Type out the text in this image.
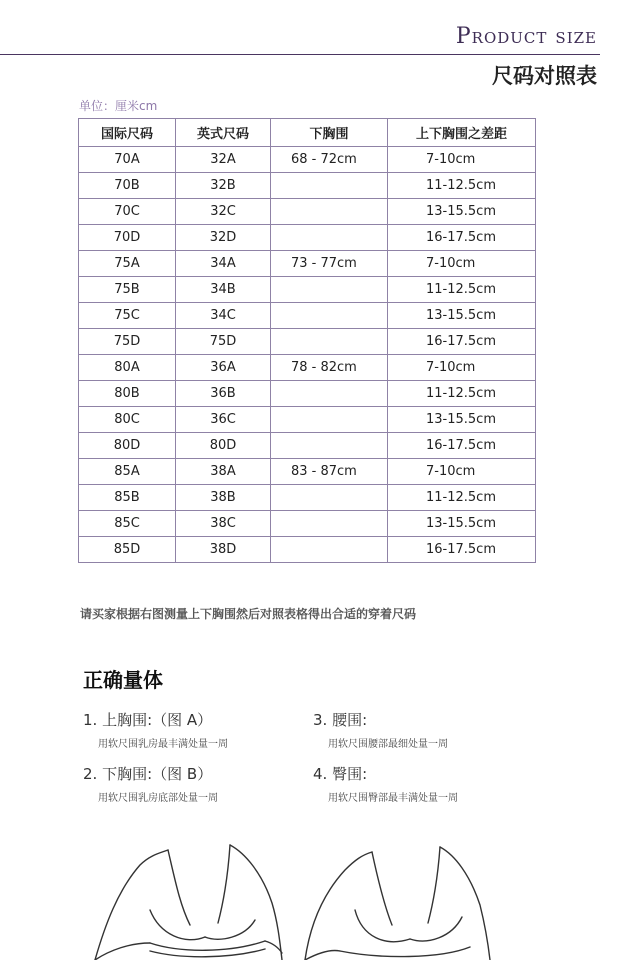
Product size
尺码对照表
单位：厘米cm
国际尺码	英式尺码	下胸围	上下胸围之差距
70A	32A	68 - 72cm	7-10cm
70B	32B		11-12.5cm
70C	32C		13-15.5cm
70D	32D		16-17.5cm
75A	34A	73 - 77cm	7-10cm
75B	34B		11-12.5cm
75C	34C		13-15.5cm
75D	75D		16-17.5cm
80A	36A	78 - 82cm	7-10cm
80B	36B		11-12.5cm
80C	36C		13-15.5cm
80D	80D		16-17.5cm
85A	38A	83 - 87cm	7-10cm
85B	38B		11-12.5cm
85C	38C		13-15.5cm
85D	38D		16-17.5cm
请买家根据右图测量上下胸围然后对照表格得出合适的穿着尺码
正确量体
1. 上胸围:（图 A）
用软尺围乳房最丰满处量一周
2. 下胸围:（图 B）
用软尺围乳房底部处量一周
3. 腰围:
用软尺围腰部最细处量一周
4. 臀围:
用软尺围臀部最丰满处量一周
